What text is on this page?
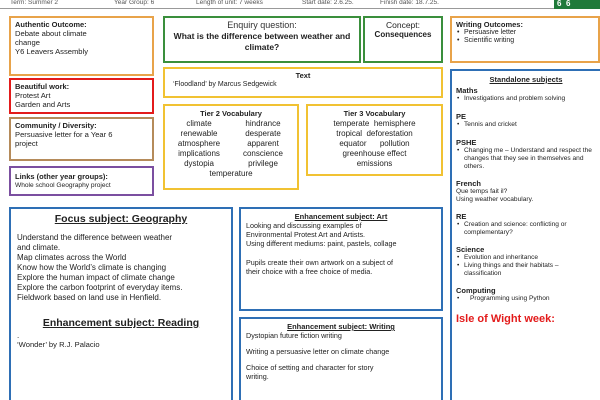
Term: Summer 2	Year Group: 6	Length of unit: 7 weeks	Start date: 2.6.25.	Finish date: 18.7.25.	6 6
Authentic Outcome:
Debate about climate
change
Y6 Leavers Assembly
Enquiry question:
What is the difference between weather and climate?
Concept:
Consequences
Writing Outcomes:
• Persuasive letter
• Scientific writing
Beautiful work:
Protest Art
Garden and Arts
Text
‘Floodland’ by Marcus Sedgewick
Community / Diversity:
Persuasive letter for a Year 6
project
Links (other year groups):
Whole school Geography project
Tier 2 Vocabulary
climate	hindrance
renewable	desperate
atmosphere	apparent
implications	conscience
dystopia	privilege
temperature
Tier 3 Vocabulary
temperate  hemisphere
tropical  deforestation
equator      pollution
greenhouse effect
emissions
Standalone subjects
Maths
• Investigations and problem solving
PE
• Tennis and cricket
PSHE
• Changing me – Understand and respect the changes that they see in themselves and others.
French
Que temps fait il?
Using weather vocabulary.
RE
• Creation and science: conflicting or complementary?
Science
• Evolution and inheritance
• Living things and their habitats – classification
Computing
• Programming using Python
Isle of Wight week:
Focus subject: Geography
Understand the difference between weather
and climate.
Map climates across the World
Know how the World’s climate is changing
Explore the human impact of climate change
Explore the carbon footprint of everyday items.
Fieldwork based on land use in Henfield.
Enhancement subject: Reading
.
‘Wonder’ by R.J. Palacio
Enhancement subject: Art
Looking and discussing examples of
Environmental Protest Art and Artists.
Using different mediums: paint, pastels, collage
Pupils create their own artwork on a subject of
their choice with a free choice of media.
Enhancement subject: Writing
Dystopian future fiction writing
Writing a persuasive letter on climate change
Choice of setting and character for story
writing.
